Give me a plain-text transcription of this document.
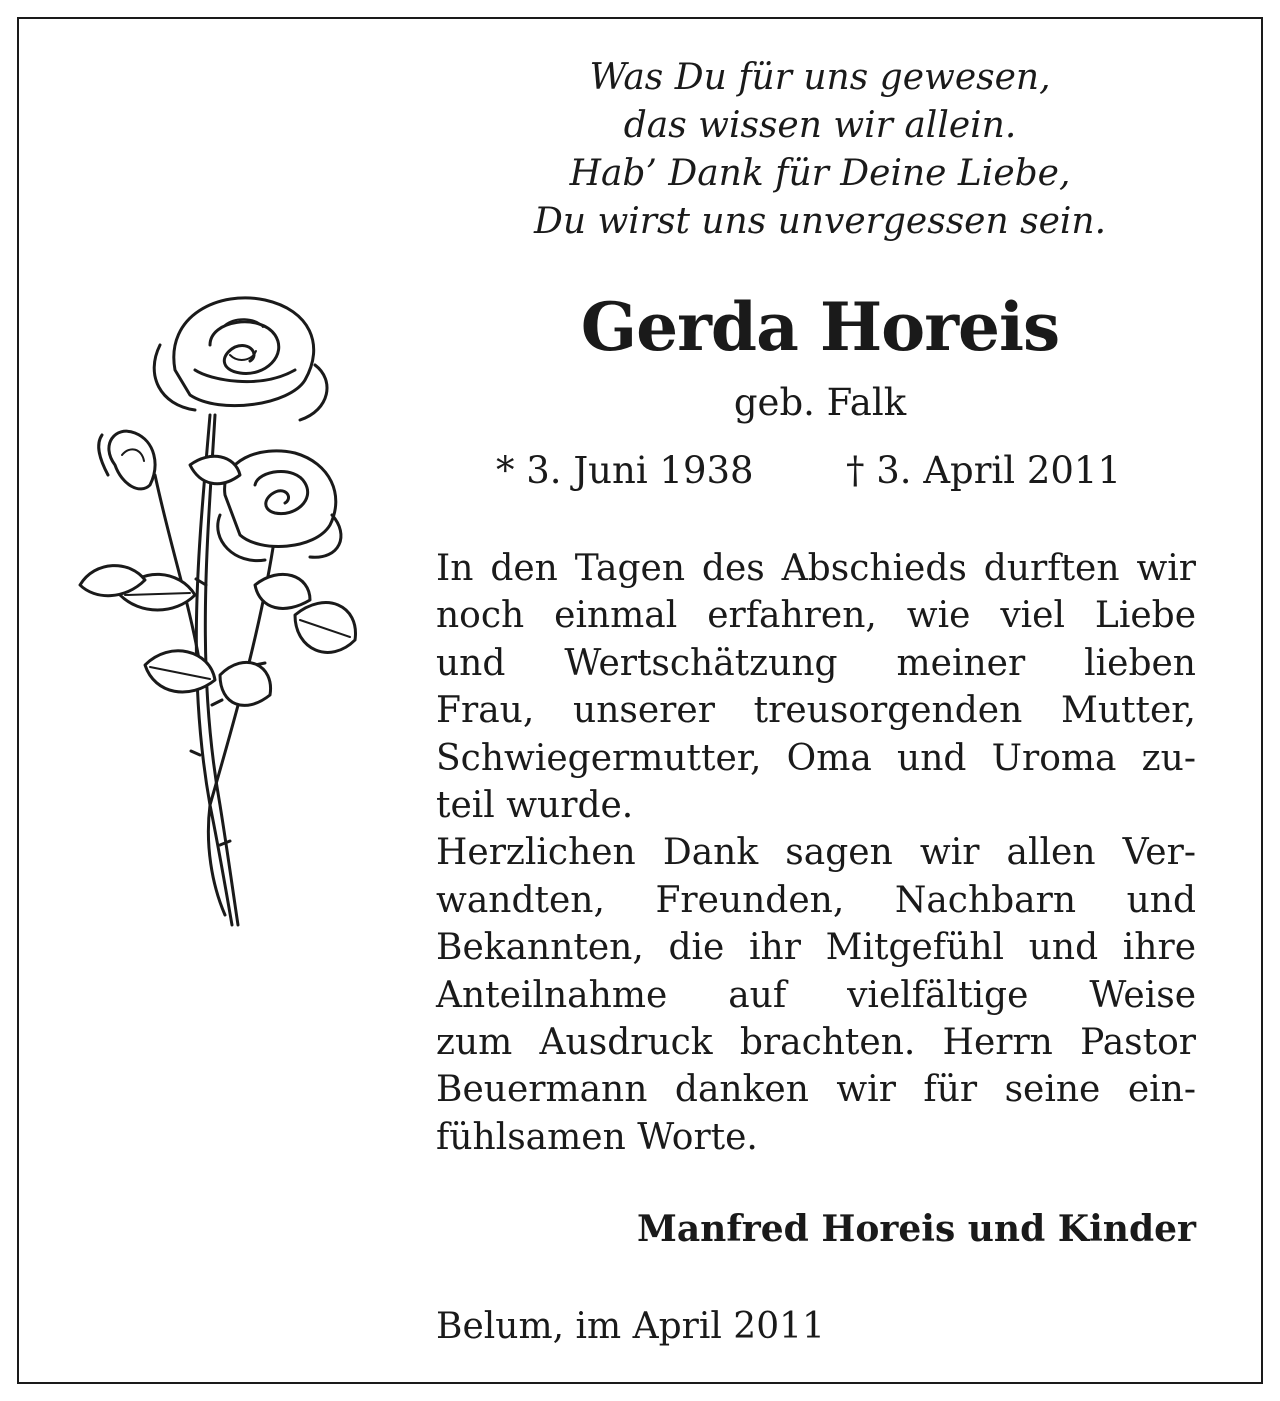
Was Du für uns gewesen,
das wissen wir allein.
Hab’ Dank für Deine Liebe,
Du wirst uns unvergessen sein.
Gerda Horeis
geb. Falk
* 3. Juni 1938 † 3. April 2011
In den Tagen des Abschieds durften wir
noch einmal erfahren, wie viel Liebe
und Wertschätzung meiner lieben
Frau, unserer treusorgenden Mutter,
Schwiegermutter, Oma und Uroma zu-
teil wurde.
Herzlichen Dank sagen wir allen Ver-
wandten, Freunden, Nachbarn und
Bekannten, die ihr Mitgefühl und ihre
Anteilnahme auf vielfältige Weise
zum Ausdruck brachten. Herrn Pastor
Beuermann danken wir für seine ein-
fühlsamen Worte.
Manfred Horeis und Kinder
Belum, im April 2011
